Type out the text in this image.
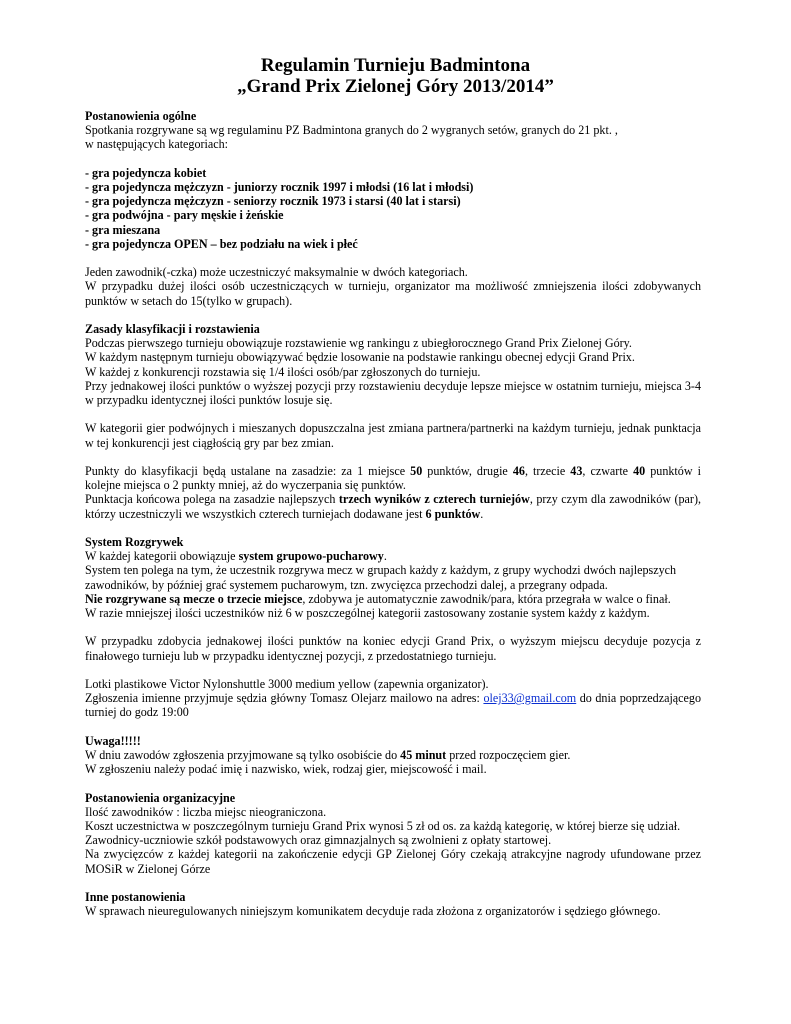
Regulamin Turnieju Badmintona
„Grand Prix Zielonej Góry 2013/2014”

Postanowienia ogólne

Spotkania rozgrywane są wg regulaminu PZ Badmintona granych do 2 wygranych setów, granych do 21 pkt. ,

w następujących kategoriach:

- gra pojedyncza kobiet

- gra pojedyncza mężczyzn - juniorzy rocznik 1997 i młodsi (16 lat i młodsi)

- gra pojedyncza mężczyzn - seniorzy rocznik 1973 i starsi (40 lat i starsi)

- gra podwójna - pary męskie i żeńskie

- gra mieszana

- gra pojedyncza OPEN – bez podziału na wiek i płeć

Jeden zawodnik(-czka) może uczestniczyć maksymalnie w dwóch kategoriach.

W przypadku dużej ilości osób uczestniczących w turnieju, organizator ma możliwość zmniejszenia ilości zdobywanych punktów w setach do 15(tylko w grupach).

Zasady klasyfikacji i rozstawienia

Podczas pierwszego turnieju obowiązuje rozstawienie wg rankingu z ubiegłorocznego Grand Prix Zielonej Góry.

W każdym następnym turnieju obowiązywać będzie losowanie na podstawie rankingu obecnej edycji Grand Prix.

W każdej z konkurencji rozstawia się 1/4 ilości osób/par zgłoszonych do turnieju.

Przy jednakowej ilości punktów o wyższej pozycji przy rozstawieniu decyduje lepsze miejsce w ostatnim turnieju, miejsca 3-4 w przypadku identycznej ilości punktów losuje się.

W kategorii gier podwójnych i mieszanych dopuszczalna jest zmiana partnera/partnerki na każdym turnieju, jednak punktacja w tej konkurencji jest ciągłością gry par bez zmian.

Punkty do klasyfikacji będą ustalane na zasadzie: za 1 miejsce 50 punktów, drugie 46, trzecie 43, czwarte 40 punktów i kolejne miejsca o 2 punkty mniej, aż do wyczerpania się punktów.

Punktacja końcowa polega na zasadzie najlepszych trzech wyników z czterech turniejów, przy czym dla zawodników (par), którzy uczestniczyli we wszystkich czterech turniejach dodawane jest 6 punktów.

System Rozgrywek

W każdej kategorii obowiązuje system grupowo-pucharowy.

System ten polega na tym, że uczestnik rozgrywa mecz w grupach każdy z każdym, z grupy wychodzi dwóch najlepszych zawodników, by później grać systemem pucharowym, tzn. zwycięzca przechodzi dalej, a przegrany odpada.

Nie rozgrywane są mecze o trzecie miejsce, zdobywa je automatycznie zawodnik/para, która przegrała w walce o finał.

W razie mniejszej ilości uczestników niż 6 w poszczególnej kategorii zastosowany zostanie system każdy z każdym.

W przypadku zdobycia jednakowej ilości punktów na koniec edycji Grand Prix, o wyższym miejscu decyduje pozycja z finałowego turnieju lub w przypadku identycznej pozycji, z przedostatniego turnieju.

Lotki plastikowe Victor Nylonshuttle 3000 medium yellow (zapewnia organizator).

Zgłoszenia imienne przyjmuje sędzia główny Tomasz Olejarz mailowo na adres: olej33@gmail.com do dnia poprzedzającego turniej do godz 19:00

Uwaga!!!!!

W dniu zawodów zgłoszenia przyjmowane są tylko osobiście do 45 minut przed rozpoczęciem gier.

W zgłoszeniu należy podać imię i nazwisko, wiek, rodzaj gier, miejscowość i mail.

Postanowienia organizacyjne

Ilość zawodników : liczba miejsc nieograniczona.

Koszt uczestnictwa w poszczególnym turnieju Grand Prix wynosi 5 zł od os. za każdą kategorię, w której bierze się udział.

Zawodnicy-uczniowie szkół podstawowych oraz gimnazjalnych są zwolnieni z opłaty startowej.

Na zwycięzców z każdej kategorii na zakończenie edycji GP Zielonej Góry czekają atrakcyjne nagrody ufundowane przez MOSiR w Zielonej Górze

Inne postanowienia

W sprawach nieuregulowanych niniejszym komunikatem decyduje rada złożona z organizatorów i sędziego głównego.
